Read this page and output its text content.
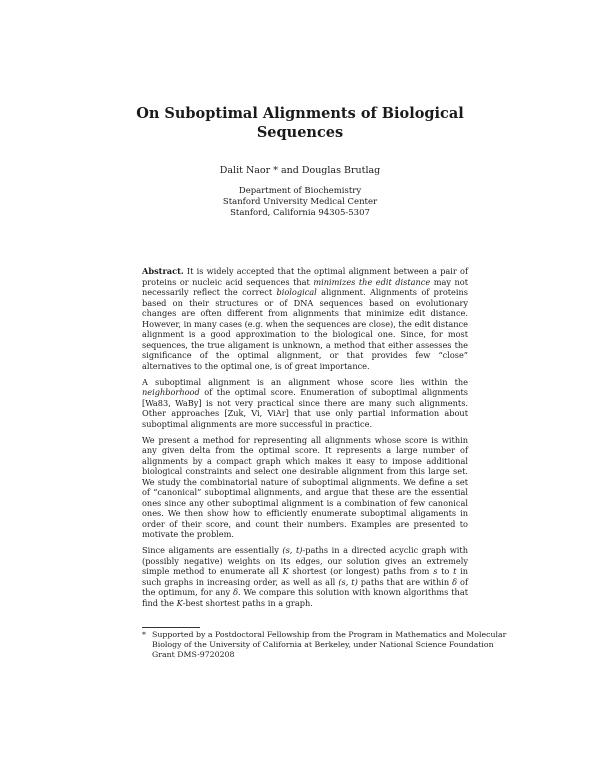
On Suboptimal Alignments of Biological
Sequences
Dalit Naor * and Douglas Brutlag
Department of Biochemistry
Stanford University Medical Center
Stanford, California 94305-5307

Abstract. It is widely accepted that the optimal alignment between a pair of proteins or nucleic acid sequences that minimizes the edit distance may not necessarily reflect the correct biological alignment. Alignments of proteins based on their structures or of DNA sequences based on evolutionary changes are often different from alignments that minimize edit distance. However, in many cases (e.g. when the sequences are close), the edit distance alignment is a good approximation to the biological one. Since, for most sequences, the true aligament is unknown, a method that either assesses the significance of the optimal alignment, or that provides few “close” alternatives to the optimal one, is of great importance.

A suboptimal alignment is an alignment whose score lies within the neighborhood of the optimal score. Enumeration of suboptimal alignments [Wa83, WaBy] is not very practical since there are many such alignments. Other approaches [Zuk, Vi, ViAr] that use only partial information about suboptimal alignments are more successful in practice.

We present a method for representing all alignments whose score is within any given delta from the optimal score. It represents a large number of alignments by a compact graph which makes it easy to impose additional biological constraints and select one desirable alignment from this large set. We study the combinatorial nature of suboptimal alignments. We define a set of “canonical” suboptimal alignments, and argue that these are the essential ones since any other suboptimal alignment is a combination of few canonical ones. We then show how to efficiently enumerate suboptimal aligaments in order of their score, and count their numbers. Examples are presented to motivate the problem.

Since aligaments are essentially (s, t)-paths in a directed acyclic graph with (possibly negative) weights on its edges, our solution gives an extremely simple method to enumerate all K shortest (or longest) paths from s to t in such graphs in increasing order, as well as all (s, t) paths that are within δ of the optimum, for any δ. We compare this solution with known algorithms that find the K-best shortest paths in a graph.

* Supported by a Postdoctoral Fellowship from the Program in Mathematics and Molecular
Biology of the University of California at Berkeley, under National Science Foundation
Grant DMS-9720208
